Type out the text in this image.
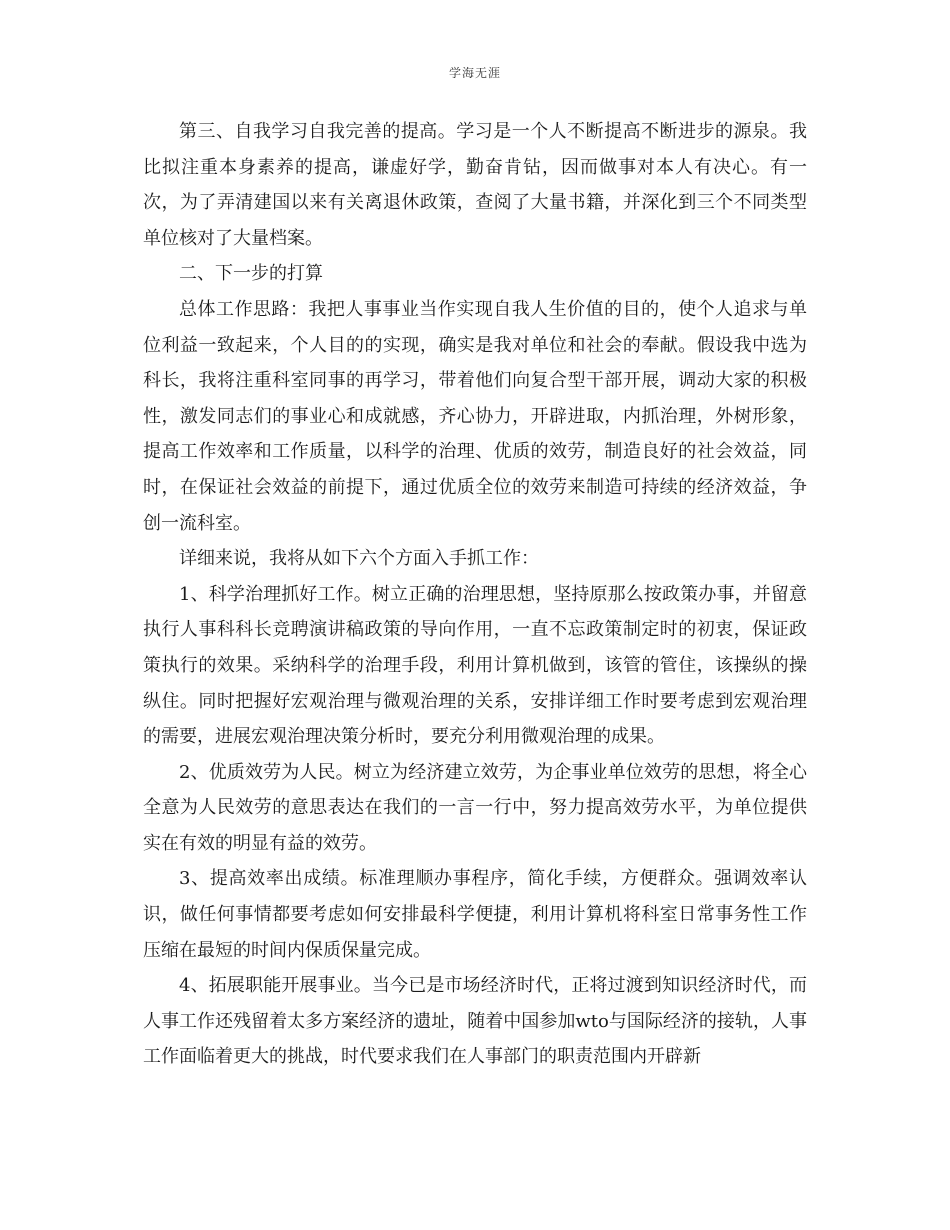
学海无涯

第三、自我学习自我完善的提高。学习是一个人不断提高不断进步的源泉。我比拟注重本身素养的提高，谦虚好学，勤奋肯钻，因而做事对本人有决心。有一次，为了弄清建国以来有关离退休政策，查阅了大量书籍，并深化到三个不同类型单位核对了大量档案。

二、下一步的打算

总体工作思路：我把人事事业当作实现自我人生价值的目的，使个人追求与单位利益一致起来，个人目的的实现，确实是我对单位和社会的奉献。假设我中选为科长，我将注重科室同事的再学习，带着他们向复合型干部开展，调动大家的积极性，激发同志们的事业心和成就感，齐心协力，开辟进取，内抓治理，外树形象，提高工作效率和工作质量，以科学的治理、优质的效劳，制造良好的社会效益，同时，在保证社会效益的前提下，通过优质全位的效劳来制造可持续的经济效益，争创一流科室。

详细来说，我将从如下六个方面入手抓工作：

1、科学治理抓好工作。树立正确的治理思想，坚持原那么按政策办事，并留意执行人事科科长竞聘演讲稿政策的导向作用，一直不忘政策制定时的初衷，保证政策执行的效果。采纳科学的治理手段，利用计算机做到，该管的管住，该操纵的操纵住。同时把握好宏观治理与微观治理的关系，安排详细工作时要考虑到宏观治理的需要，进展宏观治理决策分析时，要充分利用微观治理的成果。

2、优质效劳为人民。树立为经济建立效劳，为企事业单位效劳的思想，将全心全意为人民效劳的意思表达在我们的一言一行中，努力提高效劳水平，为单位提供实在有效的明显有益的效劳。

3、提高效率出成绩。标准理顺办事程序，简化手续，方便群众。强调效率认识，做任何事情都要考虑如何安排最科学便捷，利用计算机将科室日常事务性工作压缩在最短的时间内保质保量完成。

4、拓展职能开展事业。当今已是市场经济时代，正将过渡到知识经济时代，而人事工作还残留着太多方案经济的遗址，随着中国参加wto与国际经济的接轨，人事工作面临着更大的挑战，时代要求我们在人事部门的职责范围内开辟新
